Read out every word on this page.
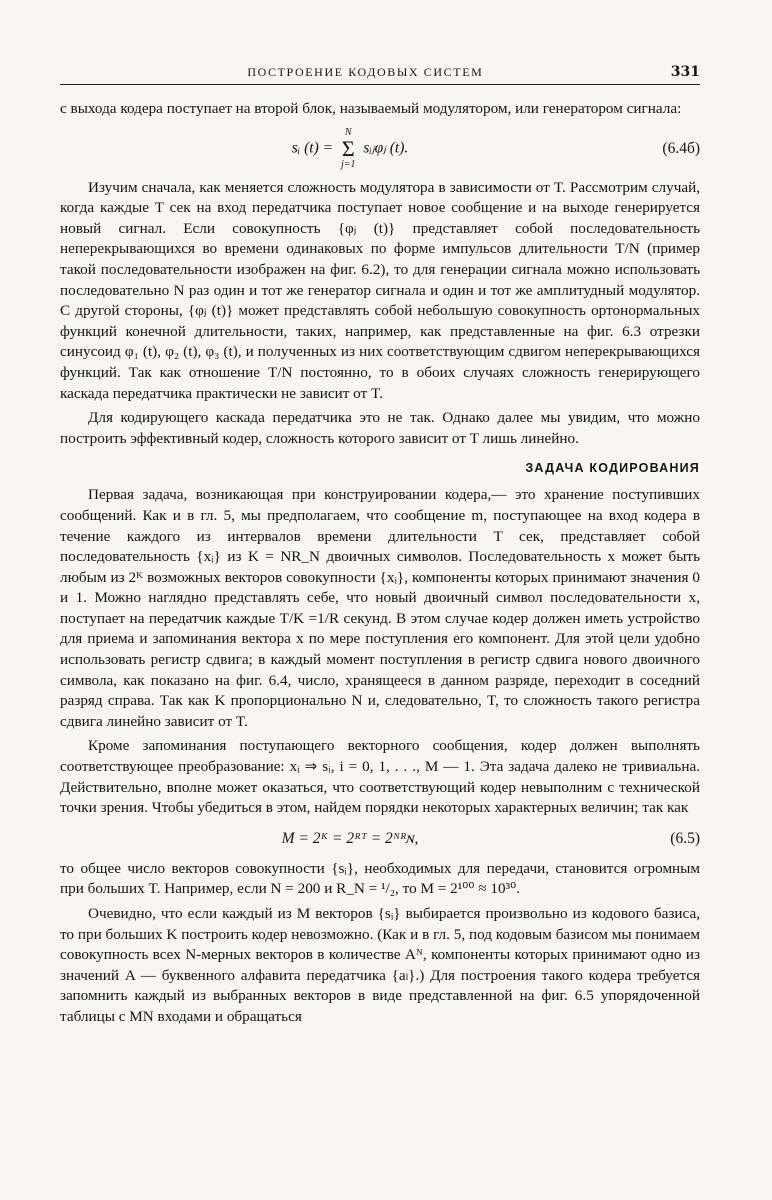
ПОСТРОЕНИЕ КОДОВЫХ СИСТЕМ	331

с выхода кодера поступает на второй блок, называемый модулятором, или генератором сигнала:

sᵢ (t) =
N
Σ
j=1
sᵢⱼφⱼ (t).	(6.4б)

Изучим сначала, как меняется сложность модулятора в зависимости от T. Рассмотрим случай, когда каждые T сек на вход передатчика поступает новое сообщение и на выходе генерируется новый сигнал. Если совокупность {φⱼ (t)} представляет собой последовательность неперекрывающихся во времени одинаковых по форме импульсов длительности T/N (пример такой последовательности изображен на фиг. 6.2), то для генерации сигнала можно использовать последовательно N раз один и тот же генератор сигнала и один и тот же амплитудный модулятор. С другой стороны, {φⱼ (t)} может представлять собой небольшую совокупность ортонормальных функций конечной длительности, таких, например, как представленные на фиг. 6.3 отрезки синусоид φ₁ (t), φ₂ (t), φ₃ (t), и полученных из них соответствующим сдвигом неперекрывающихся функций. Так как отношение T/N постоянно, то в обоих случаях сложность генерирующего каскада передатчика практически не зависит от T.

Для кодирующего каскада передатчика это не так. Однако далее мы увидим, что можно построить эффективный кодер, сложность которого зависит от T лишь линейно.

ЗАДАЧА КОДИРОВАНИЯ

Первая задача, возникающая при конструировании кодера,— это хранение поступивших сообщений. Как и в гл. 5, мы предполагаем, что сообщение m, поступающее на вход кодера в течение каждого из интервалов времени длительности T сек, представляет собой последовательность {xᵢ} из K = NR_N двоичных символов. Последовательность x может быть любым из 2ᴷ возможных векторов совокупности {xᵢ}, компоненты которых принимают значения 0 и 1. Можно наглядно представлять себе, что новый двоичный символ последовательности x, поступает на передатчик каждые T/K =1/R секунд. В этом случае кодер должен иметь устройство для приема и запоминания вектора x по мере поступления его компонент. Для этой цели удобно использовать регистр сдвига; в каждый момент поступления в регистр сдвига нового двоичного символа, как показано на фиг. 6.4, число, хранящееся в данном разряде, переходит в соседний разряд справа. Так как K пропорционально N и, следовательно, T, то сложность такого регистра сдвига линейно зависит от T.

Кроме запоминания поступающего векторного сообщения, кодер должен выполнять соответствующее преобразование: xᵢ ⇒ sᵢ, i = 0, 1, . . ., M — 1. Эта задача далеко не тривиальна. Действительно, вполне может оказаться, что соответствующий кодер невыполним с технической точки зрения. Чтобы убедиться в этом, найдем порядки некоторых характерных величин; так как

M = 2ᴷ = 2ᴿᵀ = 2ᴺᴿɴ,	(6.5)

то общее число векторов совокупности {sᵢ}, необходимых для передачи, становится огромным при больших T. Например, если N = 200 и R_N = ¹/₂, то M = 2¹⁰⁰ ≈ 10³⁰.

Очевидно, что если каждый из M векторов {sᵢ} выбирается произвольно из кодового базиса, то при больших K построить кодер невозможно. (Как и в гл. 5, под кодовым базисом мы понимаем совокупность всех N-мерных векторов в количестве Aᴺ, компоненты которых принимают одно из значений A — буквенного алфавита передатчика {aₗ}.) Для построения такого кодера требуется запомнить каждый из выбранных векторов в виде представленной на фиг. 6.5 упорядоченной таблицы с MN входами и обращаться
